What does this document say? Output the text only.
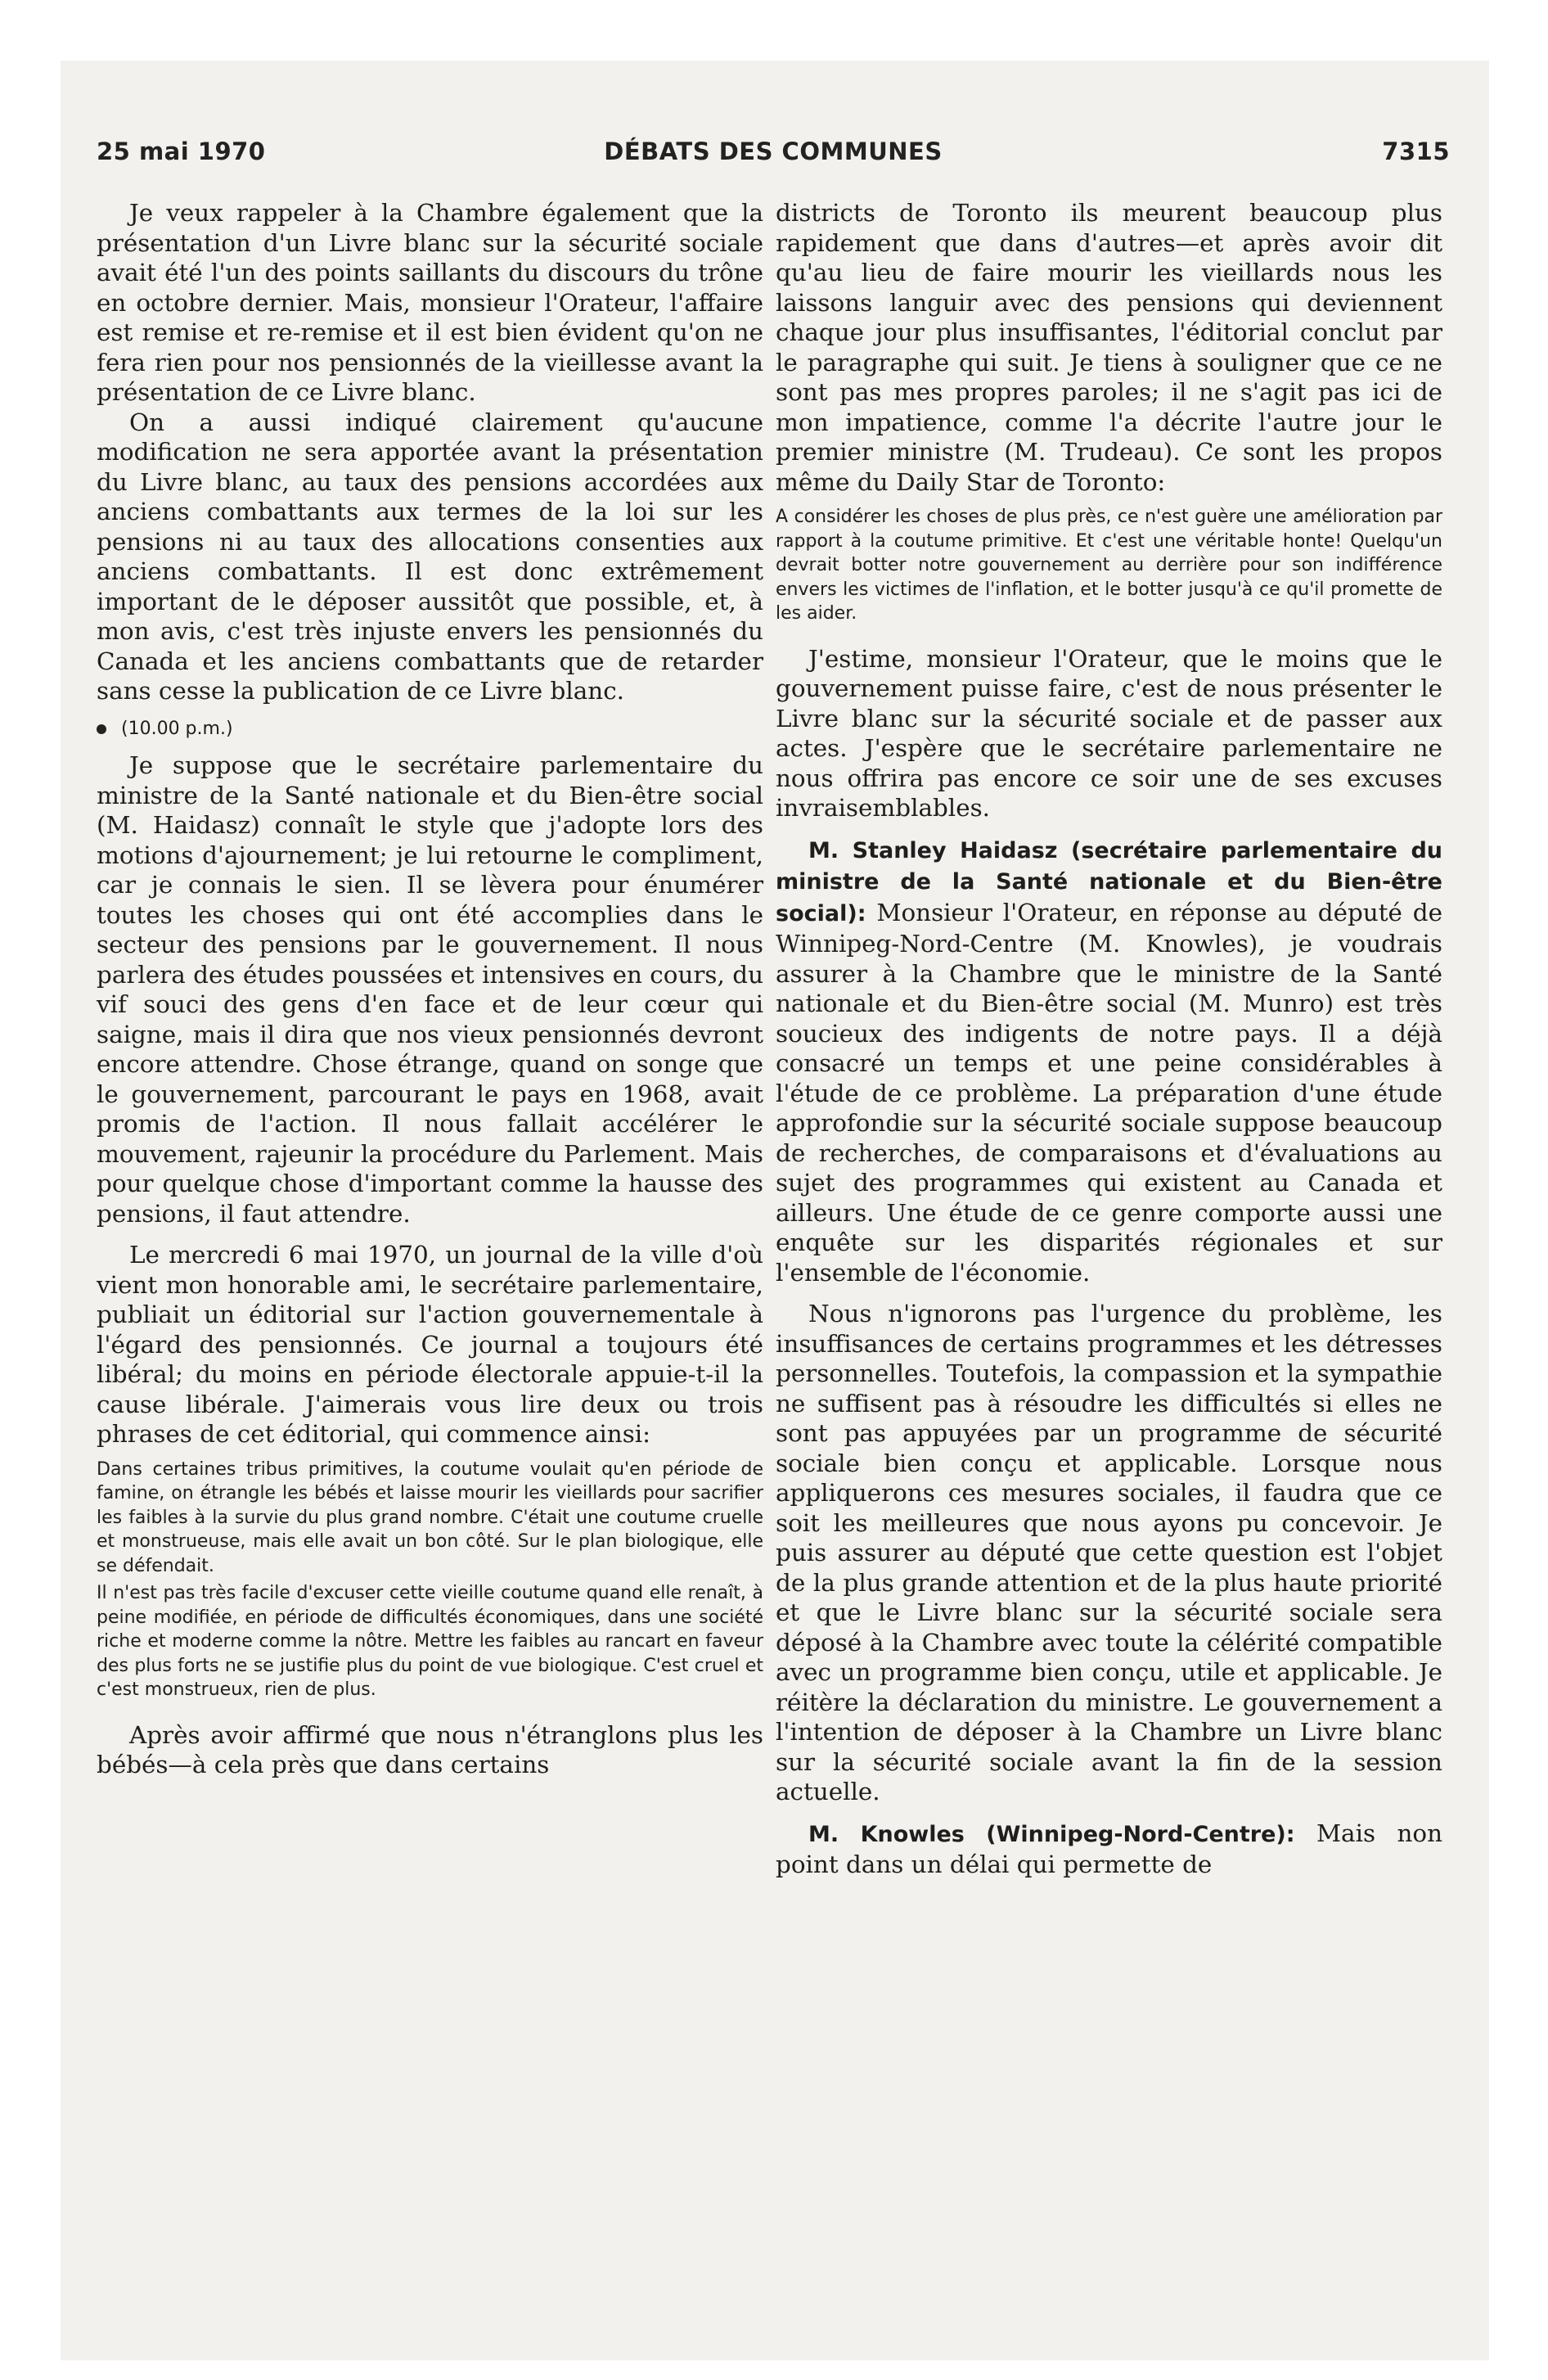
25 mai 1970	DÉBATS DES COMMUNES	7315

Je veux rappeler à la Chambre également que la présentation d'un Livre blanc sur la sécurité sociale avait été l'un des points saillants du discours du trône en octobre dernier. Mais, monsieur l'Orateur, l'affaire est remise et re-remise et il est bien évident qu'on ne fera rien pour nos pensionnés de la vieillesse avant la présentation de ce Livre blanc.

On a aussi indiqué clairement qu'aucune modification ne sera apportée avant la présentation du Livre blanc, au taux des pensions accordées aux anciens combattants aux termes de la loi sur les pensions ni au taux des allocations consenties aux anciens combattants. Il est donc extrêmement important de le déposer aussitôt que possible, et, à mon avis, c'est très injuste envers les pensionnés du Canada et les anciens combattants que de retarder sans cesse la publication de ce Livre blanc.

(10.00 p.m.)

Je suppose que le secrétaire parlementaire du ministre de la Santé nationale et du Bien-être social (M. Haidasz) connaît le style que j'adopte lors des motions d'ajournement; je lui retourne le compliment, car je connais le sien. Il se lèvera pour énumérer toutes les choses qui ont été accomplies dans le secteur des pensions par le gouvernement. Il nous parlera des études poussées et intensives en cours, du vif souci des gens d'en face et de leur cœur qui saigne, mais il dira que nos vieux pensionnés devront encore attendre. Chose étrange, quand on songe que le gouvernement, parcourant le pays en 1968, avait promis de l'action. Il nous fallait accélérer le mouvement, rajeunir la procédure du Parlement. Mais pour quelque chose d'important comme la hausse des pensions, il faut attendre.

Le mercredi 6 mai 1970, un journal de la ville d'où vient mon honorable ami, le secrétaire parlementaire, publiait un éditorial sur l'action gouvernementale à l'égard des pensionnés. Ce journal a toujours été libéral; du moins en période électorale appuie-t-il la cause libérale. J'aimerais vous lire deux ou trois phrases de cet éditorial, qui commence ainsi:

Dans certaines tribus primitives, la coutume voulait qu'en période de famine, on étrangle les bébés et laisse mourir les vieillards pour sacrifier les faibles à la survie du plus grand nombre. C'était une coutume cruelle et monstrueuse, mais elle avait un bon côté. Sur le plan biologique, elle se défendait.

Il n'est pas très facile d'excuser cette vieille coutume quand elle renaît, à peine modifiée, en période de difficultés économiques, dans une société riche et moderne comme la nôtre. Mettre les faibles au rancart en faveur des plus forts ne se justifie plus du point de vue biologique. C'est cruel et c'est monstrueux, rien de plus.

Après avoir affirmé que nous n'étranglons plus les bébés—à cela près que dans certains

districts de Toronto ils meurent beaucoup plus rapidement que dans d'autres—et après avoir dit qu'au lieu de faire mourir les vieillards nous les laissons languir avec des pensions qui deviennent chaque jour plus insuffisantes, l'éditorial conclut par le paragraphe qui suit. Je tiens à souligner que ce ne sont pas mes propres paroles; il ne s'agit pas ici de mon impatience, comme l'a décrite l'autre jour le premier ministre (M. Trudeau). Ce sont les propos même du Daily Star de Toronto:

A considérer les choses de plus près, ce n'est guère une amélioration par rapport à la coutume primitive. Et c'est une véritable honte! Quelqu'un devrait botter notre gouvernement au derrière pour son indifférence envers les victimes de l'inflation, et le botter jusqu'à ce qu'il promette de les aider.

J'estime, monsieur l'Orateur, que le moins que le gouvernement puisse faire, c'est de nous présenter le Livre blanc sur la sécurité sociale et de passer aux actes. J'espère que le secrétaire parlementaire ne nous offrira pas encore ce soir une de ses excuses invraisemblables.

M. Stanley Haidasz (secrétaire parlementaire du ministre de la Santé nationale et du Bien-être social): Monsieur l'Orateur, en réponse au député de Winnipeg-Nord-Centre (M. Knowles), je voudrais assurer à la Chambre que le ministre de la Santé nationale et du Bien-être social (M. Munro) est très soucieux des indigents de notre pays. Il a déjà consacré un temps et une peine considérables à l'étude de ce problème. La préparation d'une étude approfondie sur la sécurité sociale suppose beaucoup de recherches, de comparaisons et d'évaluations au sujet des programmes qui existent au Canada et ailleurs. Une étude de ce genre comporte aussi une enquête sur les disparités régionales et sur l'ensemble de l'économie.

Nous n'ignorons pas l'urgence du problème, les insuffisances de certains programmes et les détresses personnelles. Toutefois, la compassion et la sympathie ne suffisent pas à résoudre les difficultés si elles ne sont pas appuyées par un programme de sécurité sociale bien conçu et applicable. Lorsque nous appliquerons ces mesures sociales, il faudra que ce soit les meilleures que nous ayons pu concevoir. Je puis assurer au député que cette question est l'objet de la plus grande attention et de la plus haute priorité et que le Livre blanc sur la sécurité sociale sera déposé à la Chambre avec toute la célérité compatible avec un programme bien conçu, utile et applicable. Je réitère la déclaration du ministre. Le gouvernement a l'intention de déposer à la Chambre un Livre blanc sur la sécurité sociale avant la fin de la session actuelle.

M. Knowles (Winnipeg-Nord-Centre): Mais non point dans un délai qui permette de
